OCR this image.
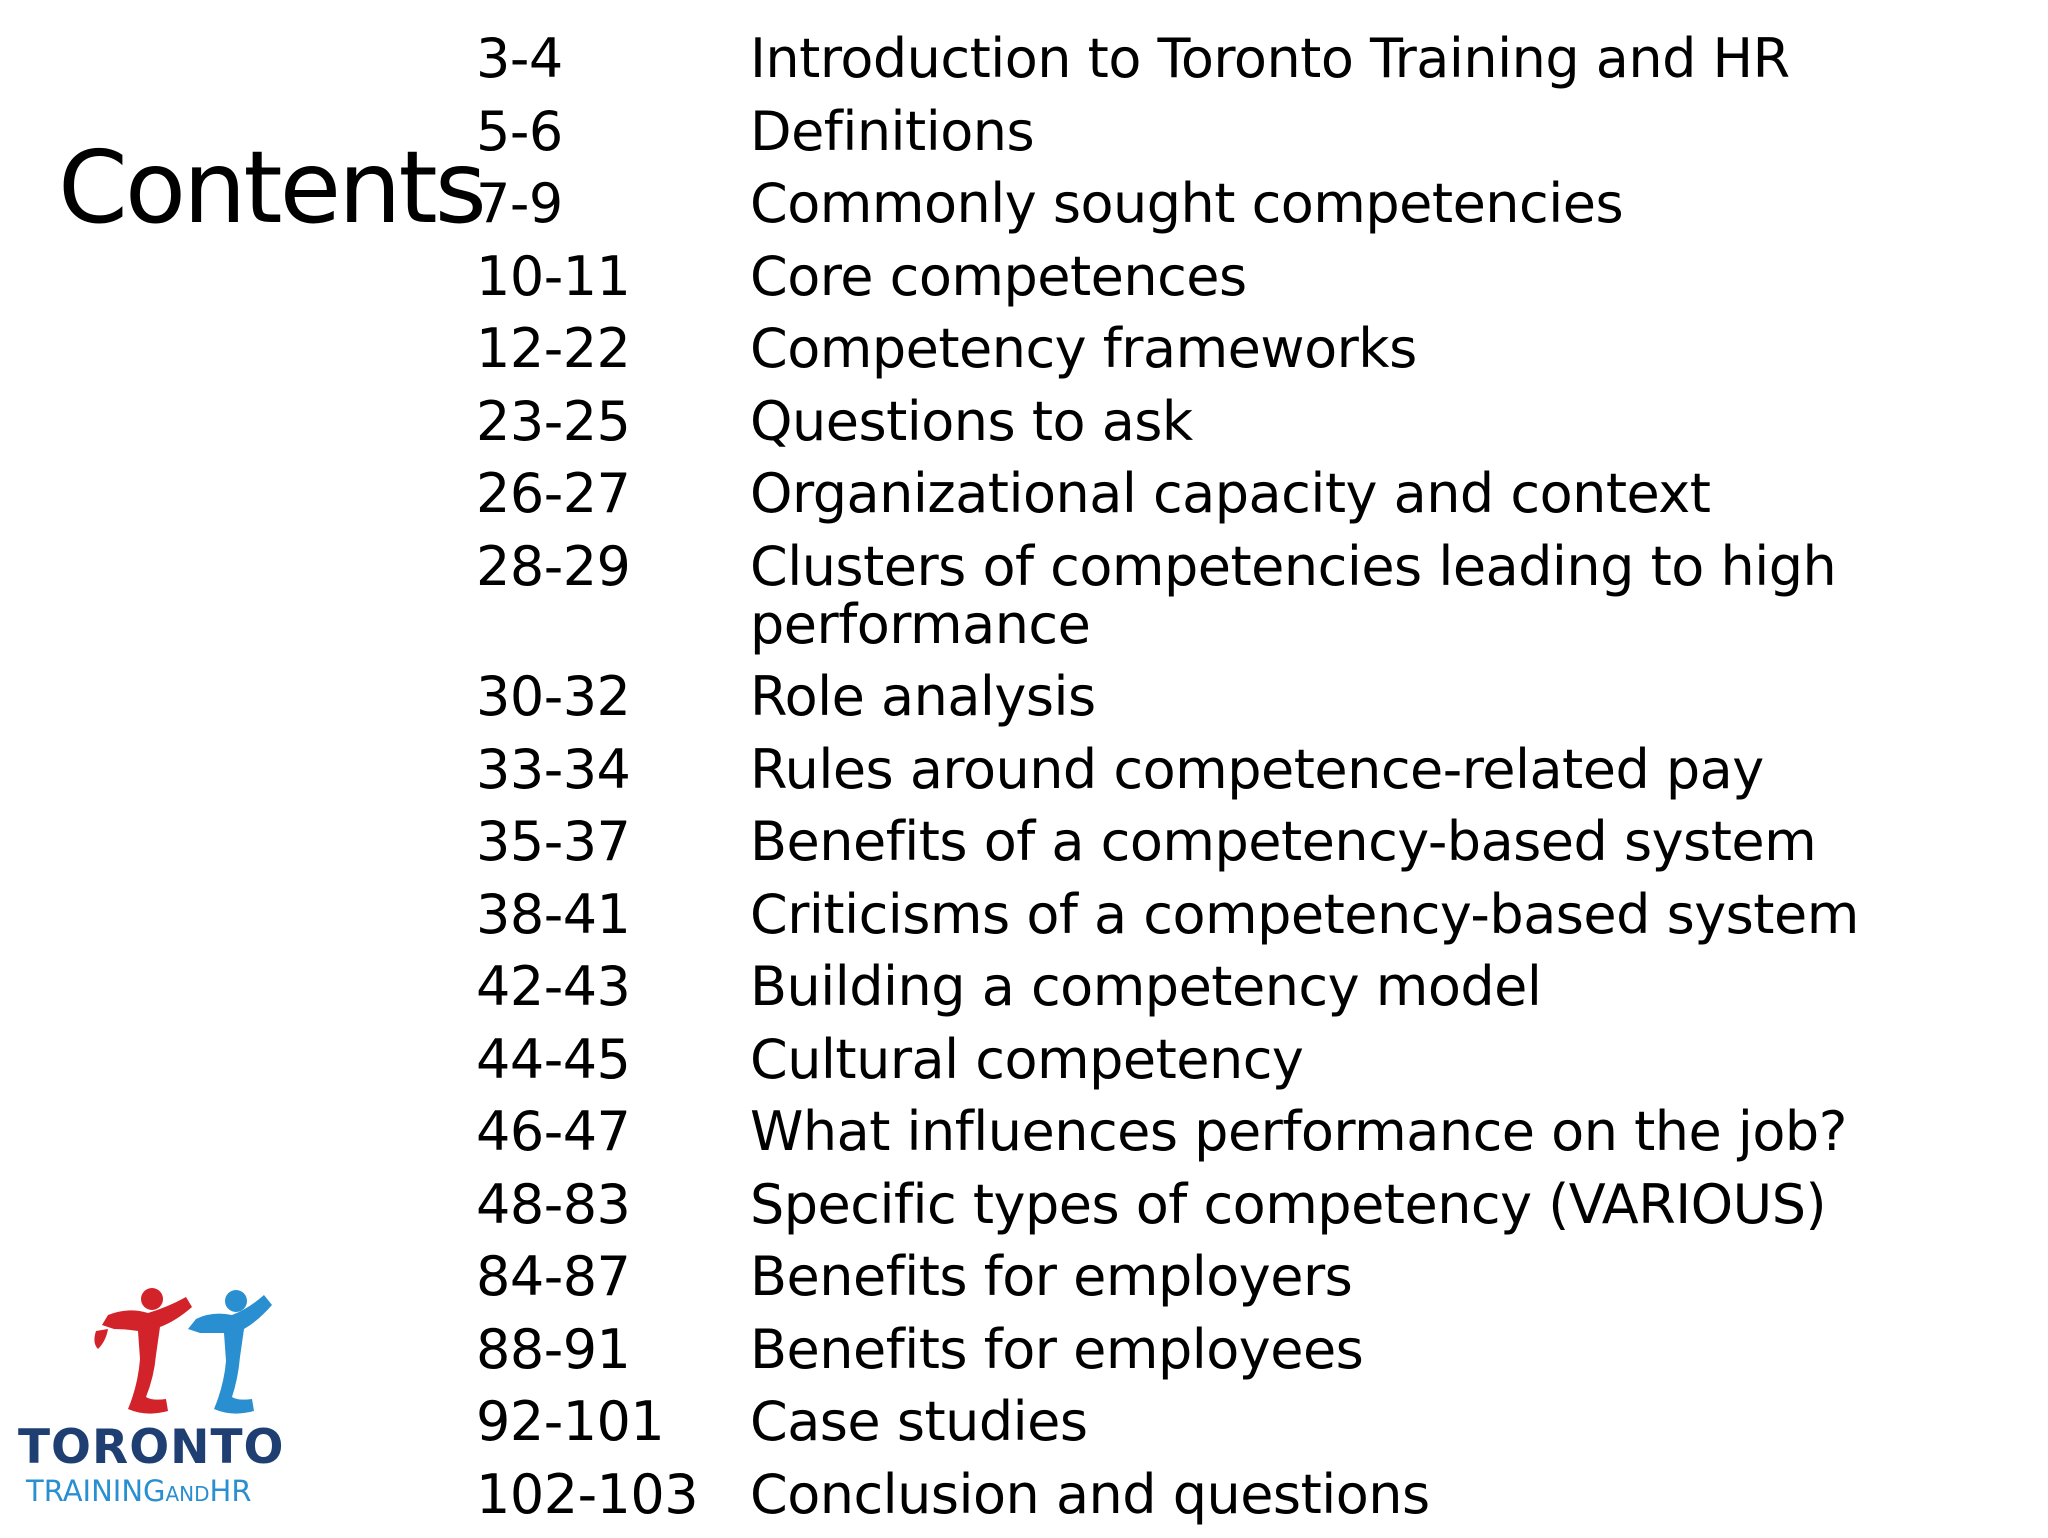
Contents
3-4	Introduction to Toronto Training and HR
5-6	Definitions
7-9	Commonly sought competencies
10-11	Core competences
12-22	Competency frameworks
23-25	Questions to ask
26-27	Organizational capacity and context
28-29	Clusters of competencies leading to high
performance
30-32	Role analysis
33-34	Rules around competence-related pay
35-37	Benefits of a competency-based system
38-41	Criticisms of a competency-based system
42-43	Building a competency model
44-45	Cultural competency
46-47	What influences performance on the job?
48-83	Specific types of competency (VARIOUS)
84-87	Benefits for employers
88-91	Benefits for employees
92-101	Case studies
102-103 Conclusion and questions
TORONTO
TRAININGANDHR
